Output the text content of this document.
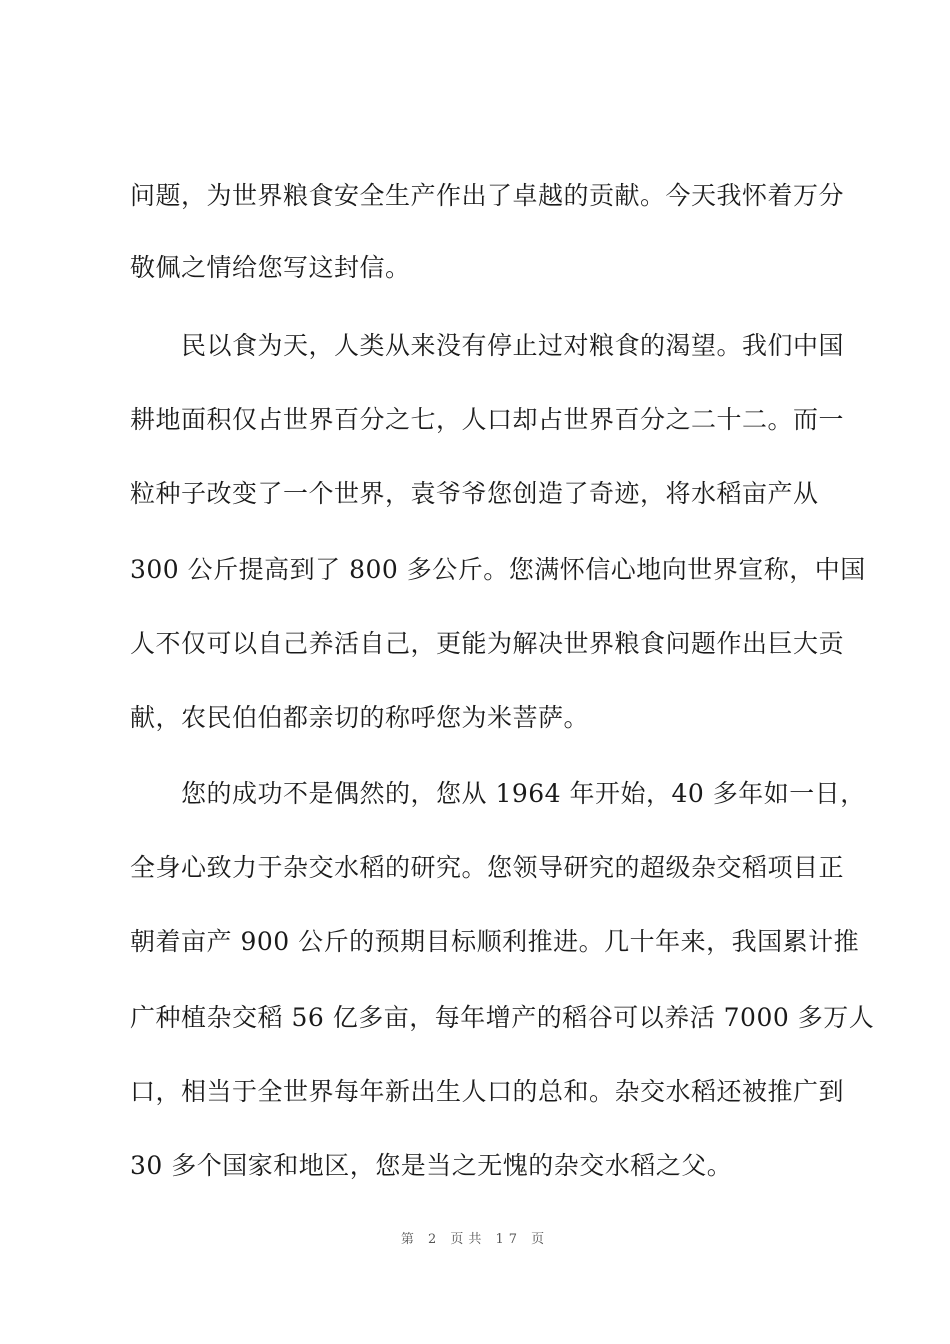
问题，为世界粮食安全生产作出了卓越的贡献。今天我怀着万分
敬佩之情给您写这封信。
　　民以食为天，人类从来没有停止过对粮食的渴望。我们中国
耕地面积仅占世界百分之七，人口却占世界百分之二十二。而一
粒种子改变了一个世界，袁爷爷您创造了奇迹，将水稻亩产从
300 公斤提高到了 800 多公斤。您满怀信心地向世界宣称，中国
人不仅可以自己养活自己，更能为解决世界粮食问题作出巨大贡
献，农民伯伯都亲切的称呼您为米菩萨。
　　您的成功不是偶然的，您从 1964 年开始，40 多年如一日，
全身心致力于杂交水稻的研究。您领导研究的超级杂交稻项目正
朝着亩产 900 公斤的预期目标顺利推进。几十年来，我国累计推
广种植杂交稻 56 亿多亩，每年增产的稻谷可以养活 7000 多万人
口，相当于全世界每年新出生人口的总和。杂交水稻还被推广到
30 多个国家和地区，您是当之无愧的杂交水稻之父。
第 2 页共 17 页
